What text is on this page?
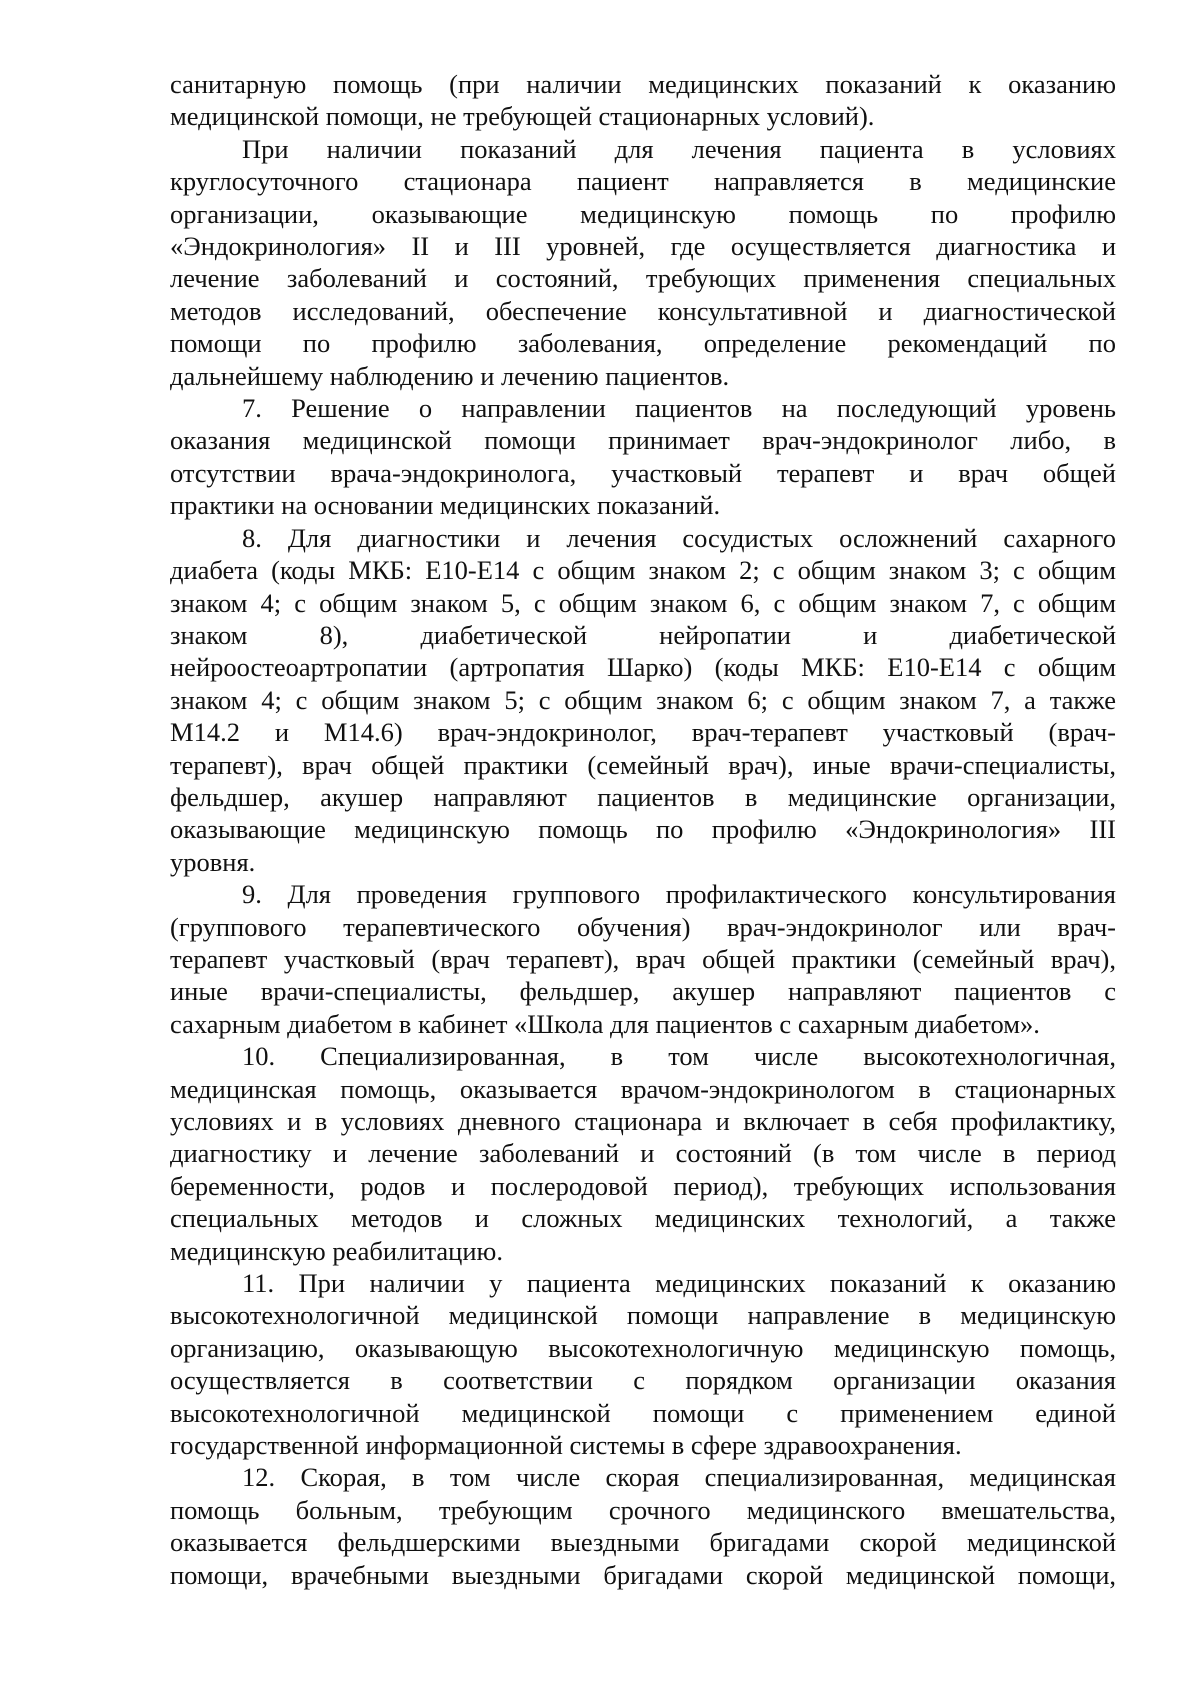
санитарную помощь (при наличии медицинских показаний к оказанию
медицинской помощи, не требующей стационарных условий).
При наличии показаний для лечения пациента в условиях
круглосуточного стационара пациент направляется в медицинские
организации, оказывающие медицинскую помощь по профилю
«Эндокринология» II и III уровней, где осуществляется диагностика и
лечение заболеваний и состояний, требующих применения специальных
методов исследований, обеспечение консультативной и диагностической
помощи по профилю заболевания, определение рекомендаций по
дальнейшему наблюдению и лечению пациентов.
7. Решение о направлении пациентов на последующий уровень
оказания медицинской помощи принимает врач-эндокринолог либо, в
отсутствии врача-эндокринолога, участковый терапевт и врач общей
практики на основании медицинских показаний.
8. Для диагностики и лечения сосудистых осложнений сахарного
диабета (коды МКБ: Е10-Е14 с общим знаком 2; с общим знаком 3; с общим
знаком 4; с общим знаком 5, с общим знаком 6, с общим знаком 7, с общим
знаком 8), диабетической нейропатии и диабетической
нейроостеоартропатии (артропатия Шарко) (коды МКБ: Е10-Е14 с общим
знаком 4; с общим знаком 5; с общим знаком 6; с общим знаком 7, а также
М14.2 и М14.6) врач-эндокринолог, врач-терапевт участковый (врач-
терапевт), врач общей практики (семейный врач), иные врачи-специалисты,
фельдшер, акушер направляют пациентов в медицинские организации,
оказывающие медицинскую помощь по профилю «Эндокринология» III
уровня.
9. Для проведения группового профилактического консультирования
(группового терапевтического обучения) врач-эндокринолог или врач-
терапевт участковый (врач терапевт), врач общей практики (семейный врач),
иные врачи-специалисты, фельдшер, акушер направляют пациентов с
сахарным диабетом в кабинет «Школа для пациентов с сахарным диабетом».
10. Специализированная, в том числе высокотехнологичная,
медицинская помощь, оказывается врачом-эндокринологом в стационарных
условиях и в условиях дневного стационара и включает в себя профилактику,
диагностику и лечение заболеваний и состояний (в том числе в период
беременности, родов и послеродовой период), требующих использования
специальных методов и сложных медицинских технологий, а также
медицинскую реабилитацию.
11. При наличии у пациента медицинских показаний к оказанию
высокотехнологичной медицинской помощи направление в медицинскую
организацию, оказывающую высокотехнологичную медицинскую помощь,
осуществляется в соответствии с порядком организации оказания
высокотехнологичной медицинской помощи с применением единой
государственной информационной системы в сфере здравоохранения.
12. Скорая, в том числе скорая специализированная, медицинская
помощь больным, требующим срочного медицинского вмешательства,
оказывается фельдшерскими выездными бригадами скорой медицинской
помощи, врачебными выездными бригадами скорой медицинской помощи,
